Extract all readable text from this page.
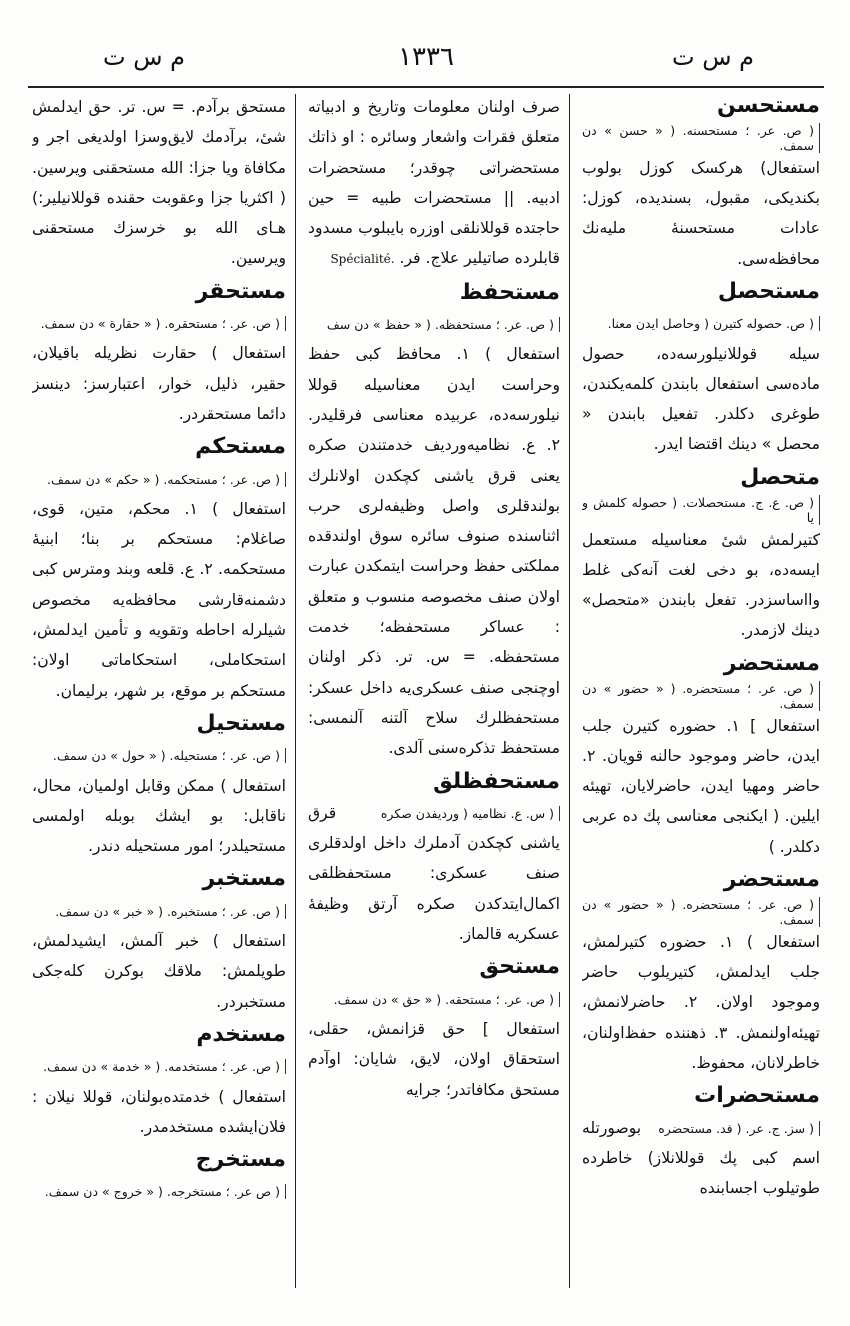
م س ت
١٣٣٦
م س ت
مستحسن( ص. عر. ؛ مستحسنه. ( « حسن » دن سمف. استفعال) هرکسک کوزل بولوب بکندیکی، مقبول، بسندیده، کوزل: عادات مستحسنهٔ ملیه‌نك محافظه‌سی.
مستحصل( ص. حصوله کتیرن ( وحاصل ایدن معنا. سیله قوللانیلورسه‌ده، حصول ماده‌سی استفعال بابندن کلمه‌یکندن، طوغری دکلدر. تفعیل بابندن « محصل » دینك اقتضا ایدر.
متحصل( ص. ع. ج. مستحصلات. ( حصوله کلمش و یا کتیرلمش شیٔ معناسیله مستعمل ایسه‌ده، بو دخی لغت آنه‌کی غلط وااساسزدر. تفعل بابندن «متحصل» دینك لازمدر.
مستحضر( ص. عر. ؛ مستحضره. ( « حضور » دن سمف. استفعال ] ١. حضوره کتیرن جلب ایدن، حاضر وموجود حالنه قویان. ٢. حاضر ومهیا ایدن، حاضرلایان، تهیئه ایلین. ( ایکنجی معناسی پك ده عربی دکلدر. )
مستحضر( ص. عر. ؛ مستحضره. ( « حضور » دن سمف. استفعال ) ١. حضوره کتیرلمش، جلب ایدلمش، کتیریلوب حاضر وموجود اولان. ٢. حاضرلانمش، تهیئه‌اولنمش. ٣. ذهننده حفظ‌اولنان، خاطرلانان، محفوظ.
مستحضرات( سز. ج. عر. ( فد. مستحضره بوصورتله اسم کبی پك قوللانلاز) خاطرده طوتیلوب اجسابنده
صرف اولنان معلومات وتاریخ و ادبیاته متعلق فقرات واشعار وسائره : او ذاتك مستحضراتی چوقدر؛ مستحضرات ادبیه. || مستحضرات طبیه = حین حاجتده قوللانلقی اوزره بایبلوب مسدود قابلرده صاتیلیر علاج. فر. Spécialité.
مستحفظ( ص. عر. ؛ مستحفظه. ( « حفظ » دن سف استفعال ) ١. محافظ کبی حفظ وحراست ایدن معناسیله قوللا نیلورسه‌ده، عربیده معناسی فرقلیدر. ٢. ع. نظامیه‌وردیف خدمتندن صکره یعنی قرق یاشنی کچکدن اولانلرك بولندقلری واصل وظیفه‌لری حرب اثناسنده صنوف سائره سوق اولندقده مملکتی حفظ وحراست ایتمکدن عبارت اولان صنف مخصوصه منسوب و متعلق : عساکر مستحفظه؛ خدمت مستحفظه. = س. تر. ذکر اولنان اوچنجی صنف عسکری‌یه داخل عسکر: مستحفظلرك سلاح آلتنه آلنمسی: مستحفظ تذکره‌سنی آلدی.
مستحفظلق( س. ع. نظامیه ( وردیفدن صکره قرق یاشنی کچکدن آدملرك داخل اولدقلری صنف عسکری: مستحفظلقی اکمال‌ایتدکدن صکره آرتق وظیفهٔ عسکریه قالماز.
مستحق( ص. عر. ؛ مستحقه. ( « حق » دن سمف. استفعال ] حق قزانمش، حقلی، استحقاق اولان، لایق، شایان: اوآدم مستحق مکافاتدر؛ جرایه
مستحق برآدم. = س. تر. حق ایدلمش شیٔ، برآدمك لایق‌وسزا اولدیغی اجر و مکافاة ویا جزا: الله مستحقنی ویرسین. ( اکثریا جزا وعقوبت حقنده قوللانیلیر:) هـای الله بو خرسزك مستحقنی ویرسین.
مستحقر( ص. عر. ؛ مستحقره. ( « حقارة » دن سمف. استفعال ) حقارت نظریله باقیلان، حقیر، ذلیل، خوار، اعتبارسز: دینسز دائما مستحقردر.
مستحکم( ص. عر. ؛ مستحکمه. ( « حکم » دن سمف. استفعال ) ١. محکم، متین، قوی، صاغلام: مستحکم بر بنا؛ ابنیهٔ مستحکمه. ٢. ع. قلعه وبند ومترس کبی دشمنه‌قارشی محافظه‌یه مخصوص شیلرله احاطه وتقویه و تأمین ایدلمش، استحکاملی، استحکاماتی اولان: مستحکم بر موقع، بر شهر، برلیمان.
مستحیل( ص. عر. ؛ مستحیله. ( « حول » دن سمف. استفعال ) ممکن وقابل اولمیان، محال، ناقابل: بو ایشك بوبله اولمسی مستحیلدر؛ امور مستحیله دندر.
مستخبر( ص. عر. ؛ مستخبره. ( « خبر » دن سمف. استفعال ) خبر آلمش، ایشیدلمش، طویلمش: ملاقك بوکرن کله‌جکی مستخبردر.
مستخدم( ص. عر. ؛ مستخدمه. ( « خدمة » دن سمف. استفعال ) خدمتده‌بولنان، قوللا نیلان : فلان‌ایشده مستخدمدر.
مستخرج( ص عر. ؛ مستخرجه. ( « خروج » دن سمف.
